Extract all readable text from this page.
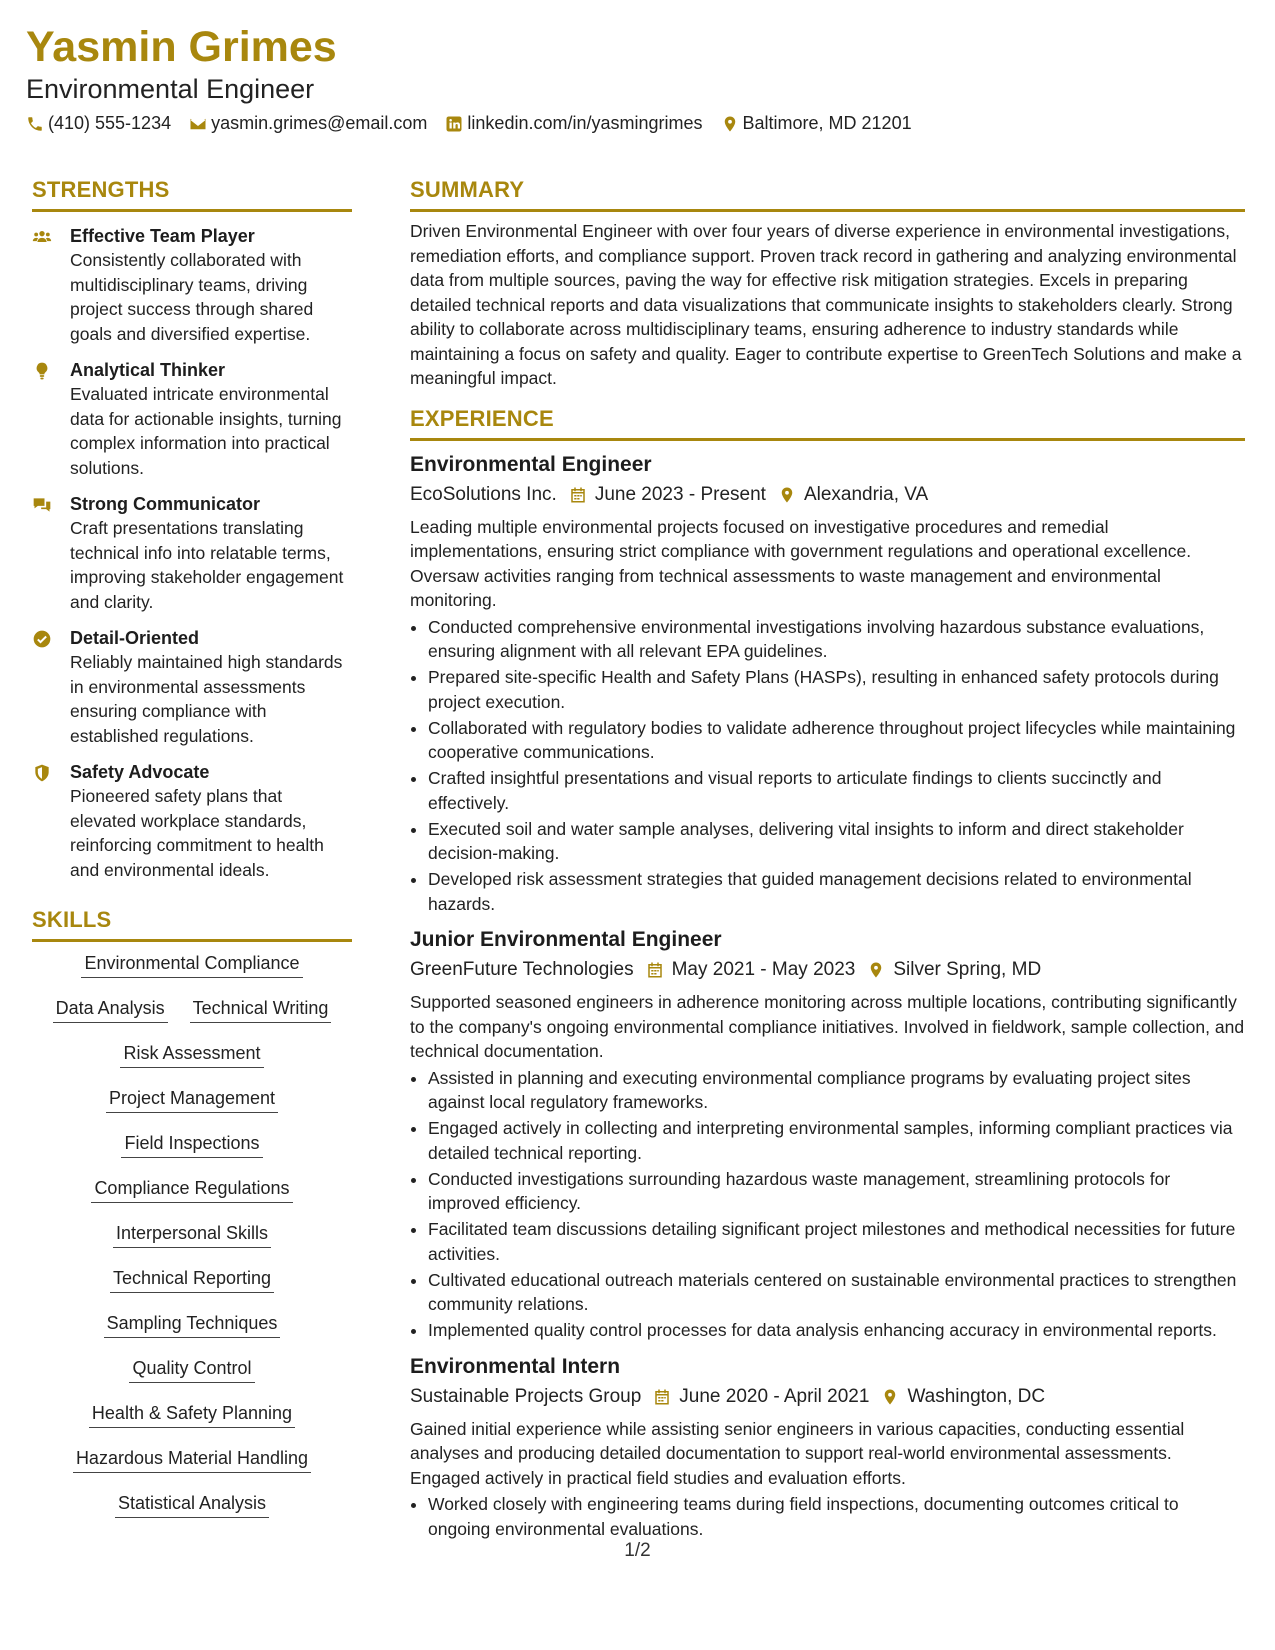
Yasmin Grimes
Environmental Engineer
(410) 555-1234 yasmin.grimes@email.com linkedin.com/in/yasmingrimes Baltimore, MD 21201
STRENGTHS
Effective Team Player
Consistently collaborated with multidisciplinary teams, driving project success through shared goals and diversified expertise.
Analytical Thinker
Evaluated intricate environmental data for actionable insights, turning complex information into practical solutions.
Strong Communicator
Craft presentations translating technical info into relatable terms, improving stakeholder engagement and clarity.
Detail-Oriented
Reliably maintained high standards in environmental assessments ensuring compliance with established regulations.
Safety Advocate
Pioneered safety plans that elevated workplace standards, reinforcing commitment to health and environmental ideals.
SKILLS
Environmental Compliance
Data Analysis Technical Writing
Risk Assessment
Project Management
Field Inspections
Compliance Regulations
Interpersonal Skills
Technical Reporting
Sampling Techniques
Quality Control
Health & Safety Planning
Hazardous Material Handling
Statistical Analysis
SUMMARY
Driven Environmental Engineer with over four years of diverse experience in environmental investigations, remediation efforts, and compliance support. Proven track record in gathering and analyzing environmental data from multiple sources, paving the way for effective risk mitigation strategies. Excels in preparing detailed technical reports and data visualizations that communicate insights to stakeholders clearly. Strong ability to collaborate across multidisciplinary teams, ensuring adherence to industry standards while maintaining a focus on safety and quality. Eager to contribute expertise to GreenTech Solutions and make a meaningful impact.
EXPERIENCE
Environmental Engineer
EcoSolutions Inc. June 2023 - Present Alexandria, VA
Leading multiple environmental projects focused on investigative procedures and remedial implementations, ensuring strict compliance with government regulations and operational excellence. Oversaw activities ranging from technical assessments to waste management and environmental monitoring.
• Conducted comprehensive environmental investigations involving hazardous substance evaluations, ensuring alignment with all relevant EPA guidelines.
• Prepared site-specific Health and Safety Plans (HASPs), resulting in enhanced safety protocols during project execution.
• Collaborated with regulatory bodies to validate adherence throughout project lifecycles while maintaining cooperative communications.
• Crafted insightful presentations and visual reports to articulate findings to clients succinctly and effectively.
• Executed soil and water sample analyses, delivering vital insights to inform and direct stakeholder decision-making.
• Developed risk assessment strategies that guided management decisions related to environmental hazards.
Junior Environmental Engineer
GreenFuture Technologies May 2021 - May 2023 Silver Spring, MD
Supported seasoned engineers in adherence monitoring across multiple locations, contributing significantly to the company's ongoing environmental compliance initiatives. Involved in fieldwork, sample collection, and technical documentation.
• Assisted in planning and executing environmental compliance programs by evaluating project sites against local regulatory frameworks.
• Engaged actively in collecting and interpreting environmental samples, informing compliant practices via detailed technical reporting.
• Conducted investigations surrounding hazardous waste management, streamlining protocols for improved efficiency.
• Facilitated team discussions detailing significant project milestones and methodical necessities for future activities.
• Cultivated educational outreach materials centered on sustainable environmental practices to strengthen community relations.
• Implemented quality control processes for data analysis enhancing accuracy in environmental reports.
Environmental Intern
Sustainable Projects Group June 2020 - April 2021 Washington, DC
Gained initial experience while assisting senior engineers in various capacities, conducting essential analyses and producing detailed documentation to support real-world environmental assessments. Engaged actively in practical field studies and evaluation efforts.
• Worked closely with engineering teams during field inspections, documenting outcomes critical to ongoing environmental evaluations.
1/2
